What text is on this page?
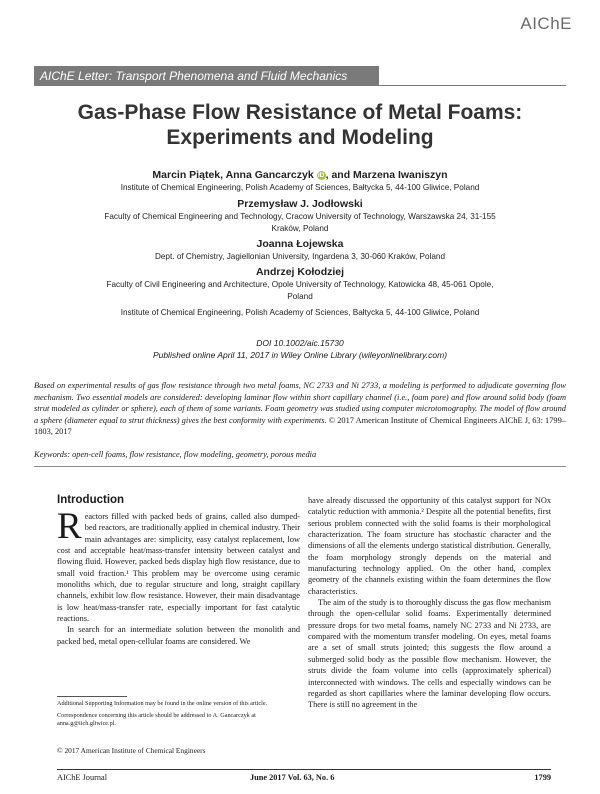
AIChE
AIChE Letter: Transport Phenomena and Fluid Mechanics
Gas-Phase Flow Resistance of Metal Foams:
Experiments and Modeling
Marcin Piątek, Anna Gancarczyk iD, and Marzena Iwaniszyn
Institute of Chemical Engineering, Polish Academy of Sciences, Bałtycka 5, 44-100 Gliwice, Poland
Przemysław J. Jodłowski
Faculty of Chemical Engineering and Technology, Cracow University of Technology, Warszawska 24, 31-155
Kraków, Poland
Joanna Łojewska
Dept. of Chemistry, Jagiellonian University, Ingardena 3, 30-060 Kraków, Poland
Andrzej Kołodziej
Faculty of Civil Engineering and Architecture, Opole University of Technology, Katowicka 48, 45-061 Opole,
Poland
Institute of Chemical Engineering, Polish Academy of Sciences, Bałtycka 5, 44-100 Gliwice, Poland
DOI 10.1002/aic.15730
Published online April 11, 2017 in Wiley Online Library (wileyonlinelibrary.com)
Based on experimental results of gas flow resistance through two metal foams, NC 2733 and Ni 2733, a modeling is performed to adjudicate governing flow mechanism. Two essential models are considered: developing laminar flow within short capillary channel (i.e., foam pore) and flow around solid body (foam strut modeled as cylinder or sphere), each of them of some variants. Foam geometry was studied using computer microtomography. The model of flow around a sphere (diameter equal to strut thickness) gives the best conformity with experiments. © 2017 American Institute of Chemical Engineers AIChE J, 63: 1799–1803, 2017
Keywords: open-cell foams, flow resistance, flow modeling, geometry, porous media
Introduction

Reactors filled with packed beds of grains, called also dumped-bed reactors, are traditionally applied in chemical industry. Their main advantages are: simplicity, easy catalyst replacement, low cost and acceptable heat/mass-transfer intensity between catalyst and flowing fluid. However, packed beds display high flow resistance, due to small void fraction.¹ This problem may be overcome using ceramic monoliths which, due to regular structure and long, straight capillary channels, exhibit low flow resistance. However, their main disadvantage is low heat/mass-transfer rate, especially important for fast catalytic reactions.

In search for an intermediate solution between the monolith and packed bed, metal open-cellular foams are considered. We

have already discussed the opportunity of this catalyst support for NOx catalytic reduction with ammonia.² Despite all the potential benefits, first serious problem connected with the solid foams is their morphological characterization. The foam structure has stochastic character and the dimensions of all the elements undergo statistical distribution. Generally, the foam morphology strongly depends on the material and manufacturing technology applied. On the other hand, complex geometry of the channels existing within the foam determines the flow characteristics.

The aim of the study is to thoroughly discuss the gas flow mechanism through the open-cellular solid foams. Experimentally determined pressure drops for two metal foams, namely NC 2733 and Ni 2733, are compared with the momentum transfer modeling. On eyes, metal foams are a set of small struts jointed; this suggests the flow around a submerged solid body as the possible flow mechanism. However, the struts divide the foam volume into cells (approximately spherical) interconnected with windows. The cells and especially windows can be regarded as short capillaries where the laminar developing flow occurs. There is still no agreement in the

Additional Supporting Information may be found in the online version of this article.

Correspondence concerning this article should be addressed to A. Gancarczyk at anna.g@iich.gliwice.pl.

© 2017 American Institute of Chemical Engineers
AIChE Journal	June 2017 Vol. 63, No. 6	1799
